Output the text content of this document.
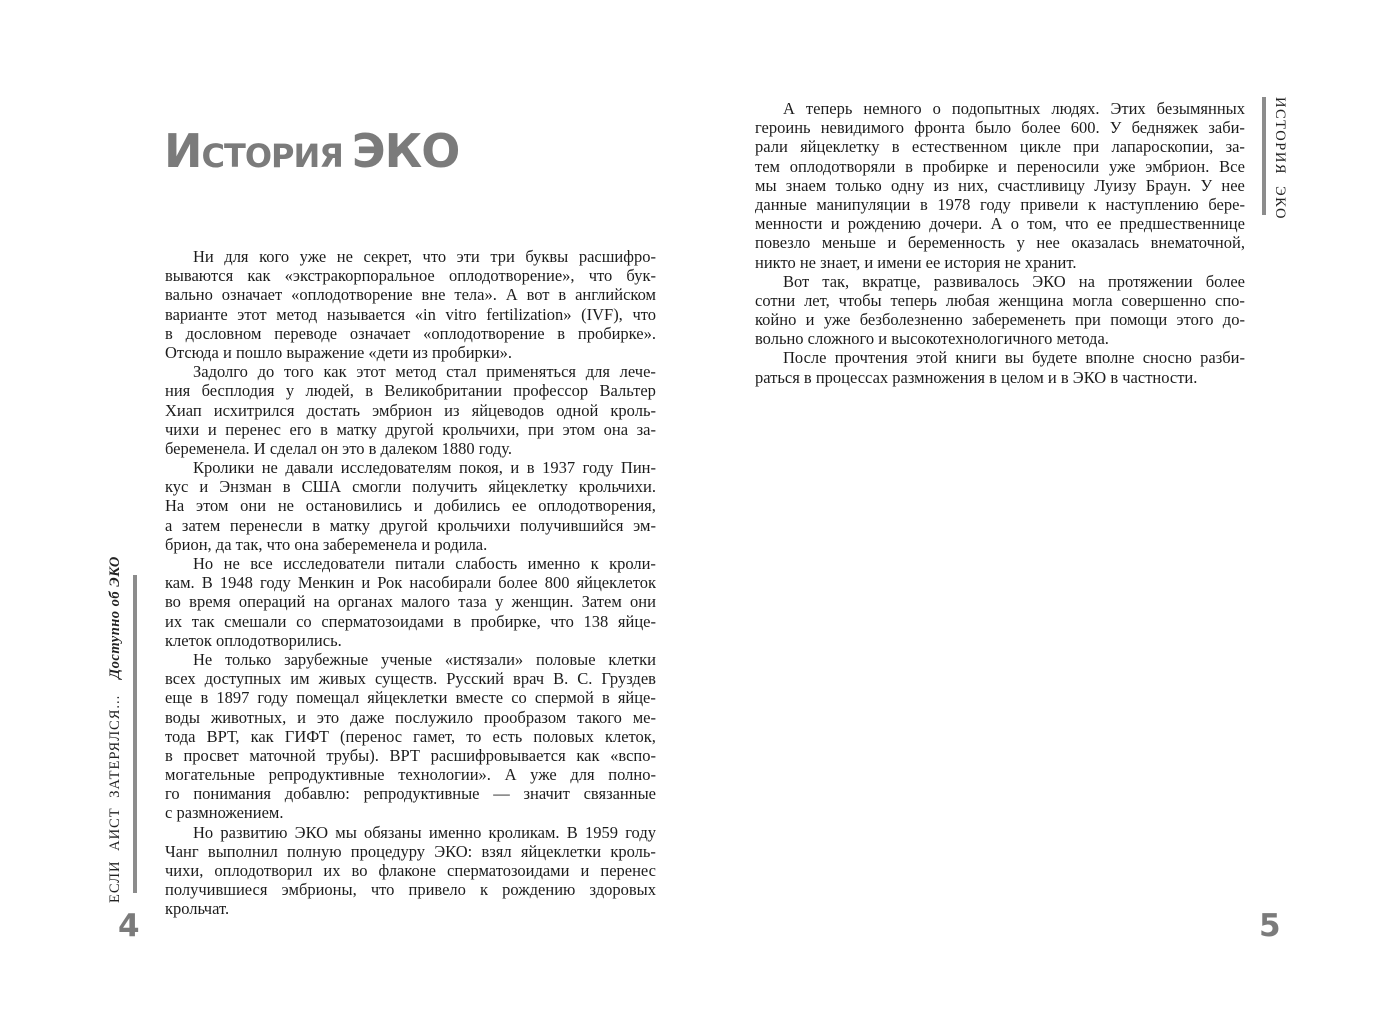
ИСТОРИЯ ЭКО
Ни для кого уже не секрет, что эти три буквы расшифро-
вываются как «экстракорпоральное оплодотворение», что бук-
вально означает «оплодотворение вне тела». А вот в английском
варианте этот метод называется «in vitro fertilization» (IVF), что
в дословном переводе означает «оплодотворение в пробирке».
Отсюда и пошло выражение «дети из пробирки».
Задолго до того как этот метод стал применяться для лече-
ния бесплодия у людей, в Великобритании профессор Вальтер
Хиап исхитрился достать эмбрион из яйцеводов одной кроль-
чихи и перенес его в матку другой крольчихи, при этом она за-
беременела. И сделал он это в далеком 1880 году.
Кролики не давали исследователям покоя, и в 1937 году Пин-
кус и Энзман в США смогли получить яйцеклетку крольчихи.
На этом они не остановились и добились ее оплодотворения,
а затем перенесли в матку другой крольчихи получившийся эм-
брион, да так, что она забеременела и родила.
Но не все исследователи питали слабость именно к кроли-
кам. В 1948 году Менкин и Рок насобирали более 800 яйцеклеток
во время операций на органах малого таза у женщин. Затем они
их так смешали со сперматозоидами в пробирке, что 138 яйце-
клеток оплодотворились.
Не только зарубежные ученые «истязали» половые клетки
всех доступных им живых существ. Русский врач В. С. Груздев
еще в 1897 году помещал яйцеклетки вместе со спермой в яйце-
воды животных, и это даже послужило прообразом такого ме-
тода ВРТ, как ГИФТ (перенос гамет, то есть половых клеток,
в просвет маточной трубы). ВРТ расшифровывается как «вспо-
могательные репродуктивные технологии». А уже для полно-
го понимания добавлю: репродуктивные — значит связанные
с размножением.
Но развитию ЭКО мы обязаны именно кроликам. В 1959 году
Чанг выполнил полную процедуру ЭКО: взял яйцеклетки кроль-
чихи, оплодотворил их во флаконе сперматозоидами и перенес
получившиеся эмбрионы, что привело к рождению здоровых
крольчат.
ЕСЛИ АИСТ ЗАТЕРЯЛСЯ...Доступно об ЭКО
4
А теперь немного о подопытных людях. Этих безымянных
героинь невидимого фронта было более 600. У бедняжек заби-
рали яйцеклетку в естественном цикле при лапароскопии, за-
тем оплодотворяли в пробирке и переносили уже эмбрион. Все
мы знаем только одну из них, счастливицу Луизу Браун. У нее
данные манипуляции в 1978 году привели к наступлению бере-
менности и рождению дочери. А о том, что ее предшественнице
повезло меньше и беременность у нее оказалась внематочной,
никто не знает, и имени ее история не хранит.
Вот так, вкратце, развивалось ЭКО на протяжении более
сотни лет, чтобы теперь любая женщина могла совершенно спо-
койно и уже безболезненно забеременеть при помощи этого до-
вольно сложного и высокотехнологичного метода.
После прочтения этой книги вы будете вполне сносно разби-
раться в процессах размножения в целом и в ЭКО в частности.
ИСТОРИЯ ЭКО
5
